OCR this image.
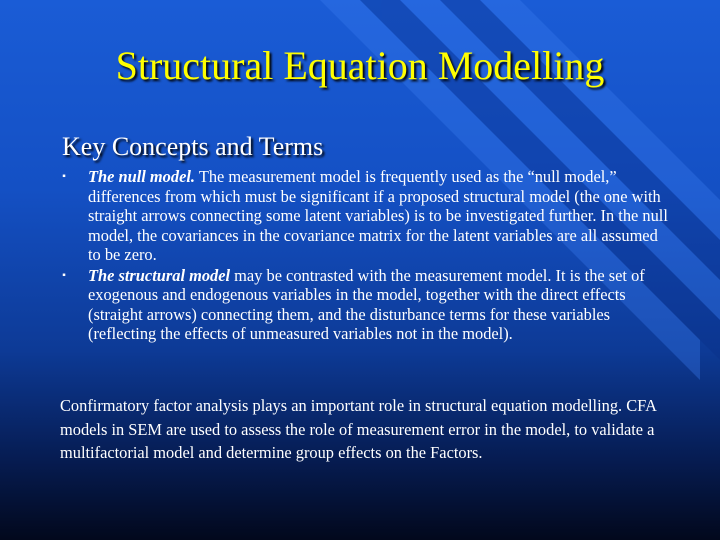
Structural Equation Modelling
Key Concepts and Terms
▪ The null model. The measurement model is frequently used as the “null model,” differences from which must be significant if a proposed structural model (the one with straight arrows connecting some latent variables) is to be investigated further. In the null model, the covariances in the covariance matrix for the latent variables are all assumed to be zero.
▪ The structural model may be contrasted with the measurement model. It is the set of exogenous and endogenous variables in the model, together with the direct effects (straight arrows) connecting them, and the disturbance terms for these variables (reflecting the effects of unmeasured variables not in the model).

Confirmatory factor analysis plays an important role in structural equation modelling. CFA models in SEM are used to assess the role of measurement error in the model, to validate a multifactorial model and determine group effects on the Factors.
